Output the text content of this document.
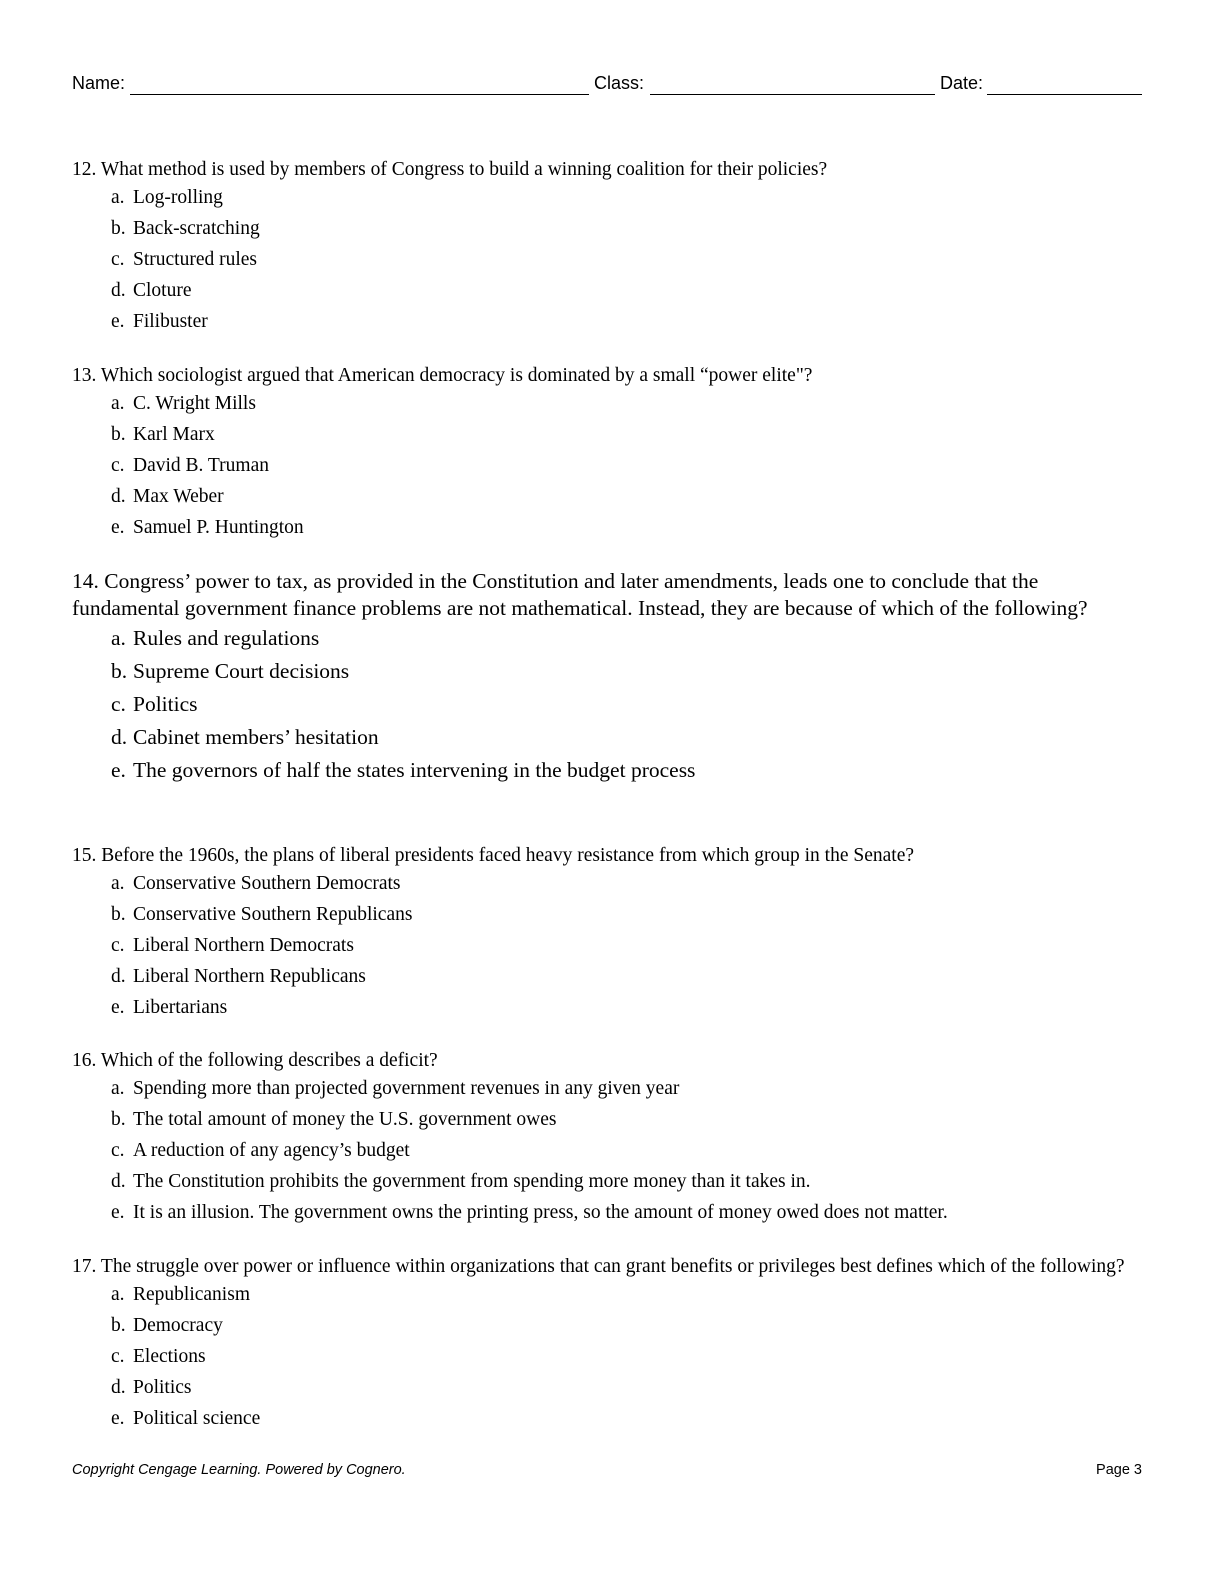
Name:	Class:	Date:
12. What method is used by members of Congress to build a winning coalition for their policies?
a. Log-rolling
b. Back-scratching
c. Structured rules
d. Cloture
e. Filibuster
13. Which sociologist argued that American democracy is dominated by a small “power elite"?
a. C. Wright Mills
b. Karl Marx
c. David B. Truman
d. Max Weber
e. Samuel P. Huntington
14. Congress’ power to tax, as provided in the Constitution and later amendments, leads one to conclude that the fundamental government finance problems are not mathematical. Instead, they are because of which of the following?
a. Rules and regulations
b. Supreme Court decisions
c. Politics
d. Cabinet members’ hesitation
e. The governors of half the states intervening in the budget process
15. Before the 1960s, the plans of liberal presidents faced heavy resistance from which group in the Senate?
a. Conservative Southern Democrats
b. Conservative Southern Republicans
c. Liberal Northern Democrats
d. Liberal Northern Republicans
e. Libertarians
16. Which of the following describes a deficit?
a. Spending more than projected government revenues in any given year
b. The total amount of money the U.S. government owes
c. A reduction of any agency’s budget
d. The Constitution prohibits the government from spending more money than it takes in.
e. It is an illusion. The government owns the printing press, so the amount of money owed does not matter.
17. The struggle over power or influence within organizations that can grant benefits or privileges best defines which of the following?
a. Republicanism
b. Democracy
c. Elections
d. Politics
e. Political science
Copyright Cengage Learning. Powered by Cognero.	Page 3
